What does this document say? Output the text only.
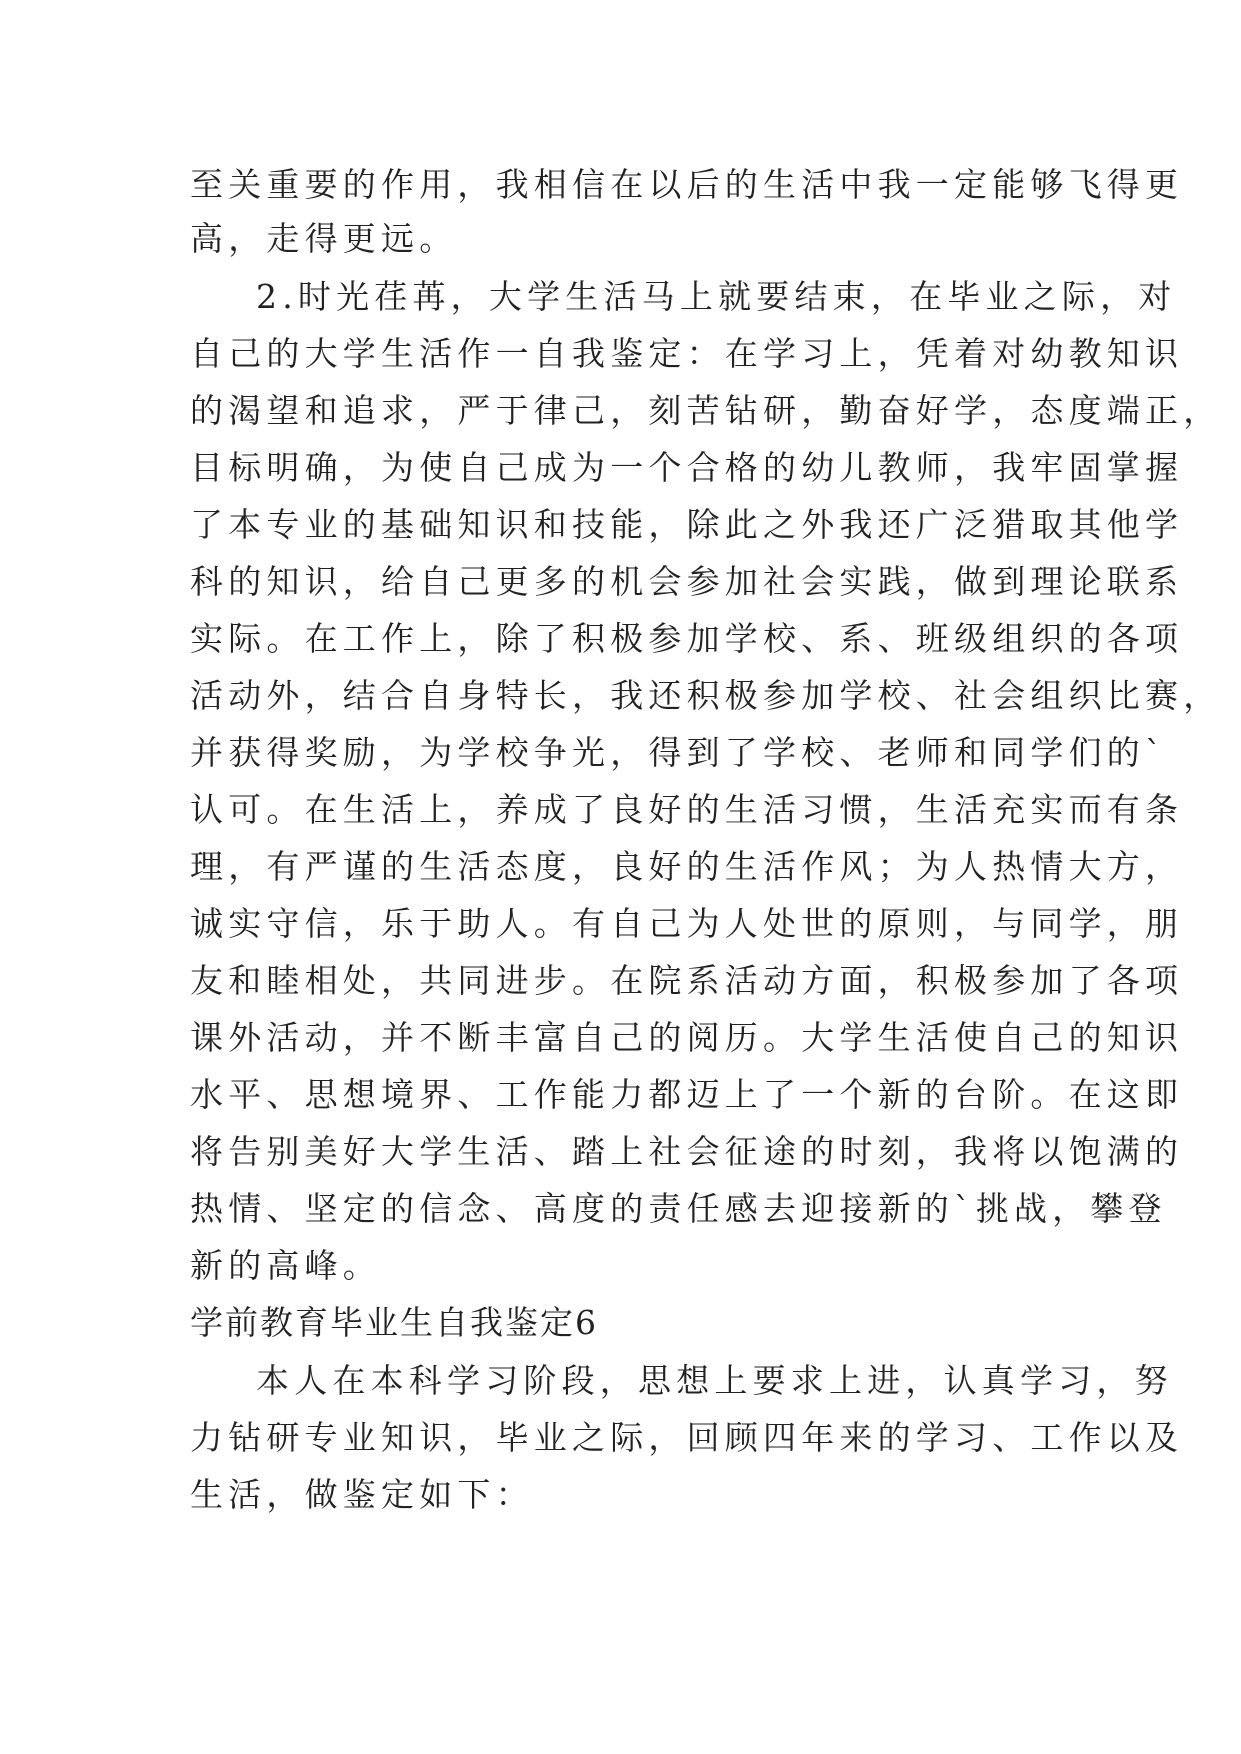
至关重要的作用，我相信在以后的生活中我一定能够飞得更
高，走得更远。
2.时光荏苒，大学生活马上就要结束，在毕业之际，对
自己的大学生活作一自我鉴定：在学习上，凭着对幼教知识
的渴望和追求，严于律己，刻苦钻研，勤奋好学，态度端正，
目标明确，为使自己成为一个合格的幼儿教师，我牢固掌握
了本专业的基础知识和技能，除此之外我还广泛猎取其他学
科的知识，给自己更多的机会参加社会实践，做到理论联系
实际。在工作上，除了积极参加学校、系、班级组织的各项
活动外，结合自身特长，我还积极参加学校、社会组织比赛，
并获得奖励，为学校争光，得到了学校、老师和同学们的`
认可。在生活上，养成了良好的生活习惯，生活充实而有条
理，有严谨的生活态度，良好的生活作风；为人热情大方，
诚实守信，乐于助人。有自己为人处世的原则，与同学，朋
友和睦相处，共同进步。在院系活动方面，积极参加了各项
课外活动，并不断丰富自己的阅历。大学生活使自己的知识
水平、思想境界、工作能力都迈上了一个新的台阶。在这即
将告别美好大学生活、踏上社会征途的时刻，我将以饱满的
热情、坚定的信念、高度的责任感去迎接新的`挑战，攀登
新的高峰。
学前教育毕业生自我鉴定6
本人在本科学习阶段，思想上要求上进，认真学习，努
力钻研专业知识，毕业之际，回顾四年来的学习、工作以及
生活，做鉴定如下：
